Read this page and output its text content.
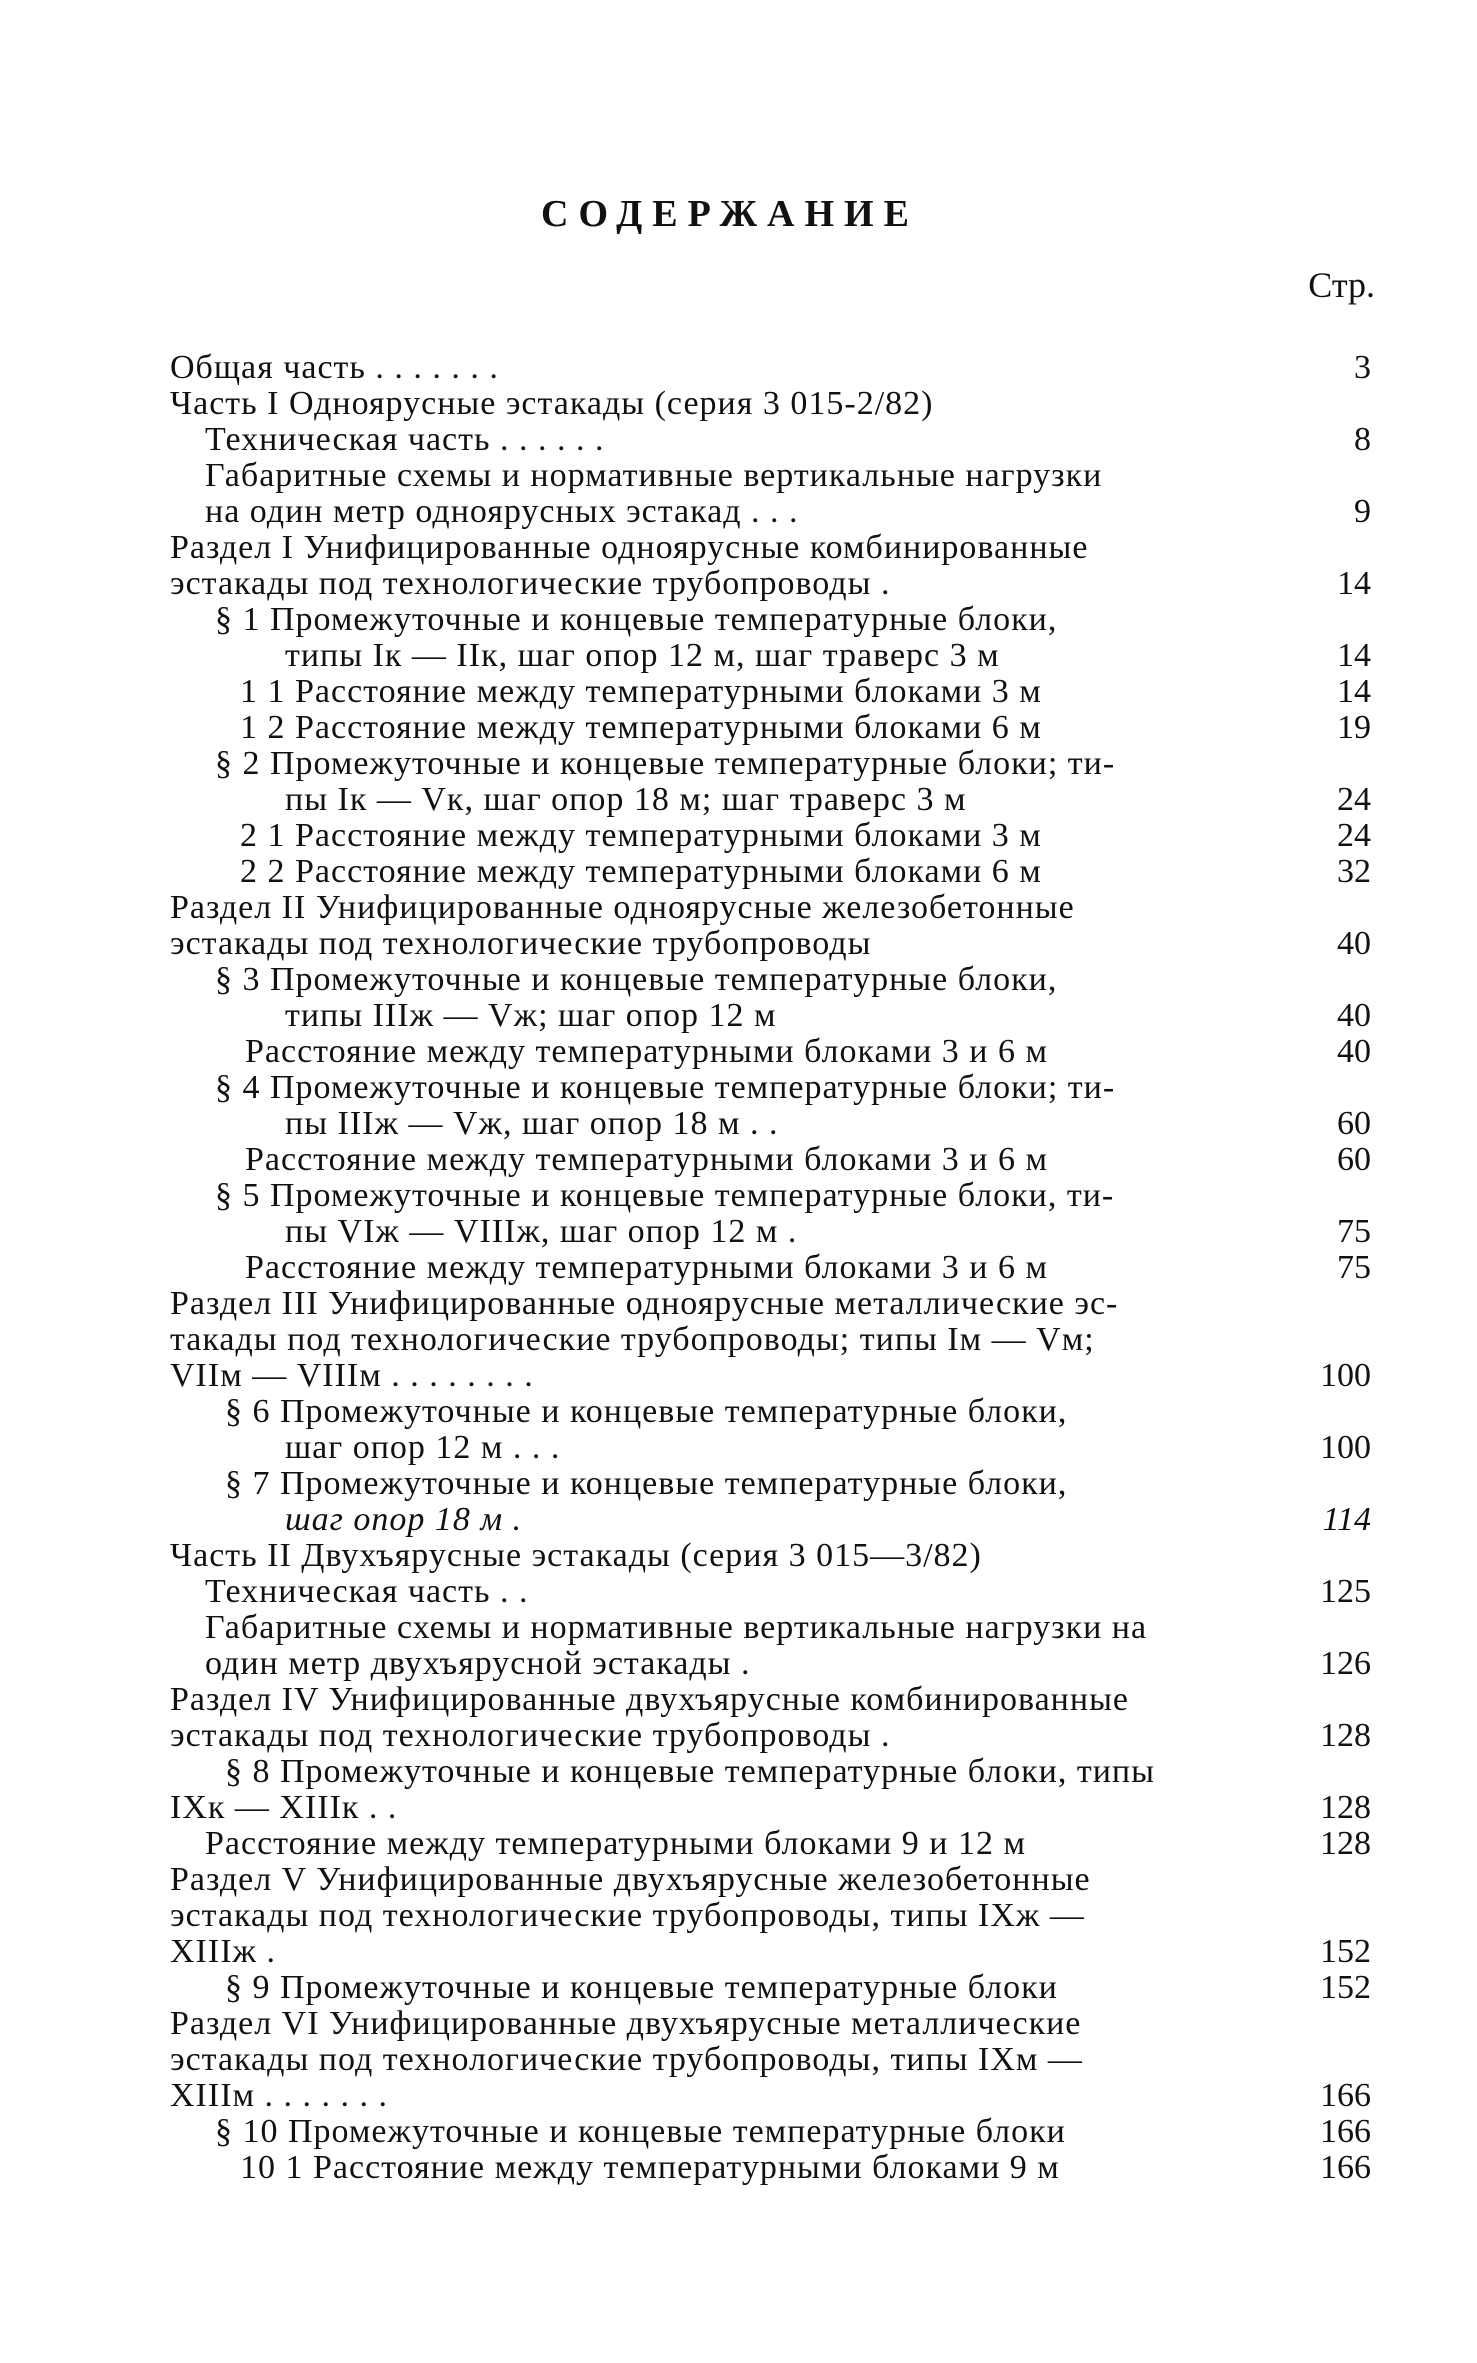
СОДЕРЖАНИЕ
Стр.
Общая часть . . . . . . .	3
Часть I Одноярусные эстакады (серия 3 015-2/82)
Техническая часть . . . . . .	8
Габаритные схемы и нормативные вертикальные нагрузки
на один метр одноярусных эстакад . . .	9
Раздел I Унифицированные одноярусные комбинированные
эстакады под технологические трубопроводы .	14
§ 1 Промежуточные и концевые температурные блоки,
типы Iк — IIк, шаг опор 12 м, шаг траверс 3 м	14
1 1 Расстояние между температурными блоками 3 м	14
1 2 Расстояние между температурными блоками 6 м	19
§ 2 Промежуточные и концевые температурные блоки; ти-
пы Iк — Vк, шаг опор 18 м; шаг траверс 3 м	24
2 1 Расстояние между температурными блоками 3 м	24
2 2 Расстояние между температурными блоками 6 м	32
Раздел II Унифицированные одноярусные железобетонные
эстакады под технологические трубопроводы	40
§ 3 Промежуточные и концевые температурные блоки,
типы IIIж — Vж; шаг опор 12 м	40
Расстояние между температурными блоками 3 и 6 м	40
§ 4 Промежуточные и концевые температурные блоки; ти-
пы IIIж — Vж, шаг опор 18 м . .	60
Расстояние между температурными блоками 3 и 6 м	60
§ 5 Промежуточные и концевые температурные блоки, ти-
пы VIж — VIIIж, шаг опор 12 м .	75
Расстояние между температурными блоками 3 и 6 м	75
Раздел III Унифицированные одноярусные металлические эс-
такады под технологические трубопроводы; типы Iм — Vм;
VIIм — VIIIм . . . . . . . .	100
§ 6 Промежуточные и концевые температурные блоки,
шаг опор 12 м . . .	100
§ 7 Промежуточные и концевые температурные блоки,
шаг опор 18 м .	114
Часть II Двухъярусные эстакады (серия 3 015—3/82)
Техническая часть . .	125
Габаритные схемы и нормативные вертикальные нагрузки на
один метр двухъярусной эстакады .	126
Раздел IV Унифицированные двухъярусные комбинированные
эстакады под технологические трубопроводы .	128
§ 8 Промежуточные и концевые температурные блоки, типы
IXк — XIIIк . .	128
Расстояние между температурными блоками 9 и 12 м	128
Раздел V Унифицированные двухъярусные железобетонные
эстакады под технологические трубопроводы, типы IXж —
XIIIж .	152
§ 9 Промежуточные и концевые температурные блоки	152
Раздел VI Унифицированные двухъярусные металлические
эстакады под технологические трубопроводы, типы IXм —
XIIIм . . . . . . .	166
§ 10 Промежуточные и концевые температурные блоки	166
10 1 Расстояние между температурными блоками 9 м	166
